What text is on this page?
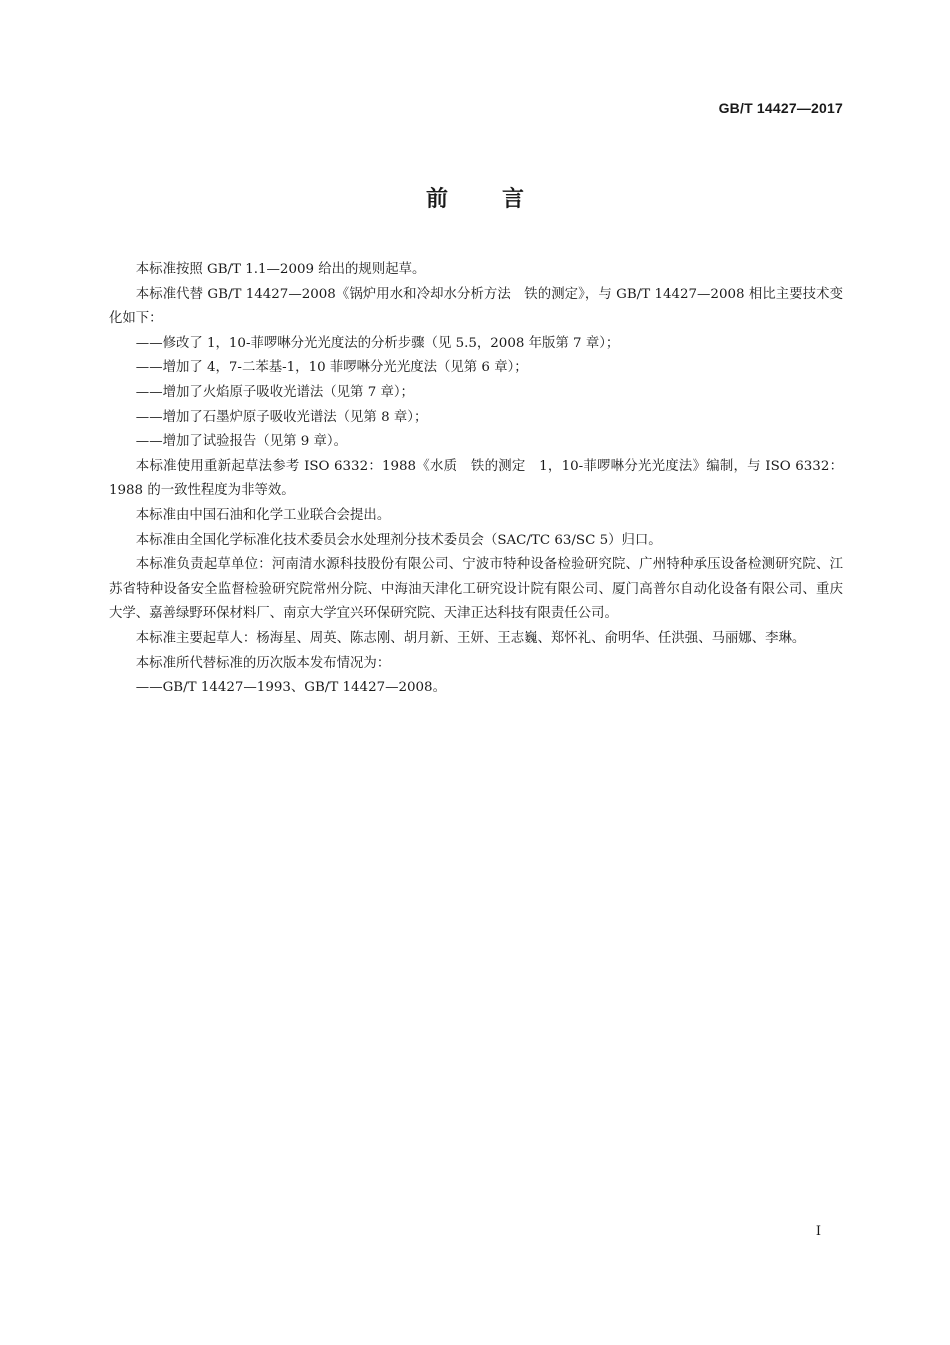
GB/T 14427—2017
前言

本标准按照 GB/T 1.1—2009 给出的规则起草。

本标准代替 GB/T 14427—2008《锅炉用水和冷却水分析方法　铁的测定》，与 GB/T 14427—2008 相比主要技术变化如下：

——修改了 1，10-菲啰啉分光光度法的分析步骤（见 5.5，2008 年版第 7 章）；

——增加了 4，7-二苯基-1，10 菲啰啉分光光度法（见第 6 章）；

——增加了火焰原子吸收光谱法（见第 7 章）；

——增加了石墨炉原子吸收光谱法（见第 8 章）；

——增加了试验报告（见第 9 章）。

本标准使用重新起草法参考 ISO 6332：1988《水质　铁的测定　1，10-菲啰啉分光光度法》编制，与 ISO 6332：1988 的一致性程度为非等效。

本标准由中国石油和化学工业联合会提出。

本标准由全国化学标准化技术委员会水处理剂分技术委员会（SAC/TC 63/SC 5）归口。

本标准负责起草单位：河南清水源科技股份有限公司、宁波市特种设备检验研究院、广州特种承压设备检测研究院、江苏省特种设备安全监督检验研究院常州分院、中海油天津化工研究设计院有限公司、厦门高普尔自动化设备有限公司、重庆大学、嘉善绿野环保材料厂、南京大学宜兴环保研究院、天津正达科技有限责任公司。

本标准主要起草人：杨海星、周英、陈志刚、胡月新、王妍、王志巍、郑怀礼、俞明华、任洪强、马丽娜、李琳。

本标准所代替标准的历次版本发布情况为：

——GB/T 14427—1993、GB/T 14427—2008。

I
